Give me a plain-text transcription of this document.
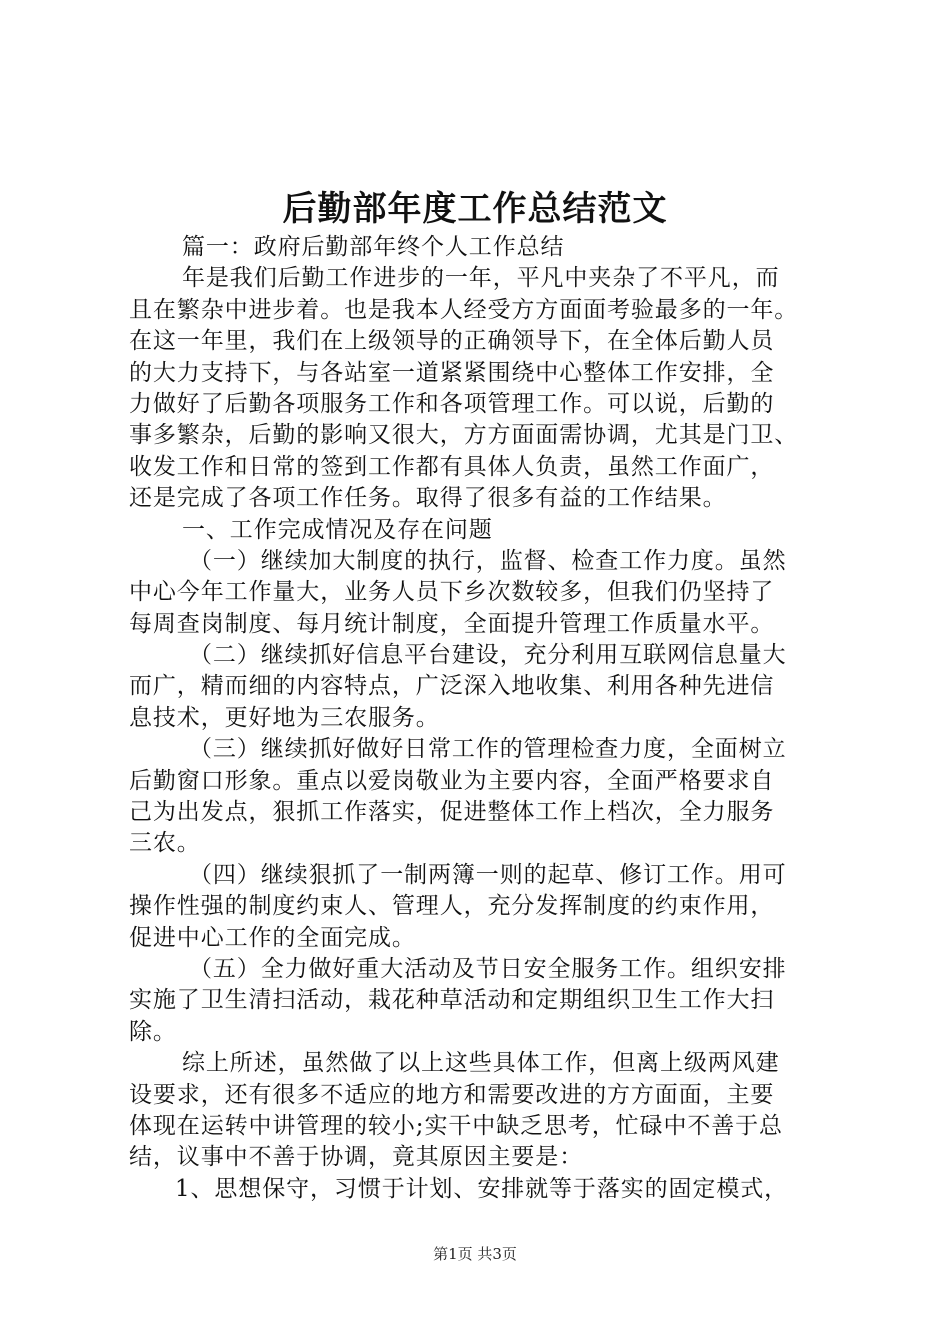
后勤部年度工作总结范文
篇一：政府后勤部年终个人工作总结
年是我们后勤工作进步的一年，平凡中夹杂了不平凡，而
且在繁杂中进步着。也是我本人经受方方面面考验最多的一年。
在这一年里，我们在上级领导的正确领导下，在全体后勤人员
的大力支持下，与各站室一道紧紧围绕中心整体工作安排，全
力做好了后勤各项服务工作和各项管理工作。可以说，后勤的
事多繁杂，后勤的影响又很大，方方面面需协调，尤其是门卫、
收发工作和日常的签到工作都有具体人负责，虽然工作面广，
还是完成了各项工作任务。取得了很多有益的工作结果。
一、工作完成情况及存在问题
（一）继续加大制度的执行，监督、检查工作力度。虽然
中心今年工作量大，业务人员下乡次数较多，但我们仍坚持了
每周查岗制度、每月统计制度，全面提升管理工作质量水平。
（二）继续抓好信息平台建设，充分利用互联网信息量大
而广，精而细的内容特点，广泛深入地收集、利用各种先进信
息技术，更好地为三农服务。
（三）继续抓好做好日常工作的管理检查力度，全面树立
后勤窗口形象。重点以爱岗敬业为主要内容，全面严格要求自
己为出发点，狠抓工作落实，促进整体工作上档次，全力服务
三农。
（四）继续狠抓了一制两簿一则的起草、修订工作。用可
操作性强的制度约束人、管理人，充分发挥制度的约束作用，
促进中心工作的全面完成。
（五）全力做好重大活动及节日安全服务工作。组织安排
实施了卫生清扫活动，栽花种草活动和定期组织卫生工作大扫
除。
综上所述，虽然做了以上这些具体工作，但离上级两风建
设要求，还有很多不适应的地方和需要改进的方方面面，主要
体现在运转中讲管理的较小;实干中缺乏思考，忙碌中不善于总
结，议事中不善于协调，竟其原因主要是：
1、思想保守，习惯于计划、安排就等于落实的固定模式，
第1页 共3页
